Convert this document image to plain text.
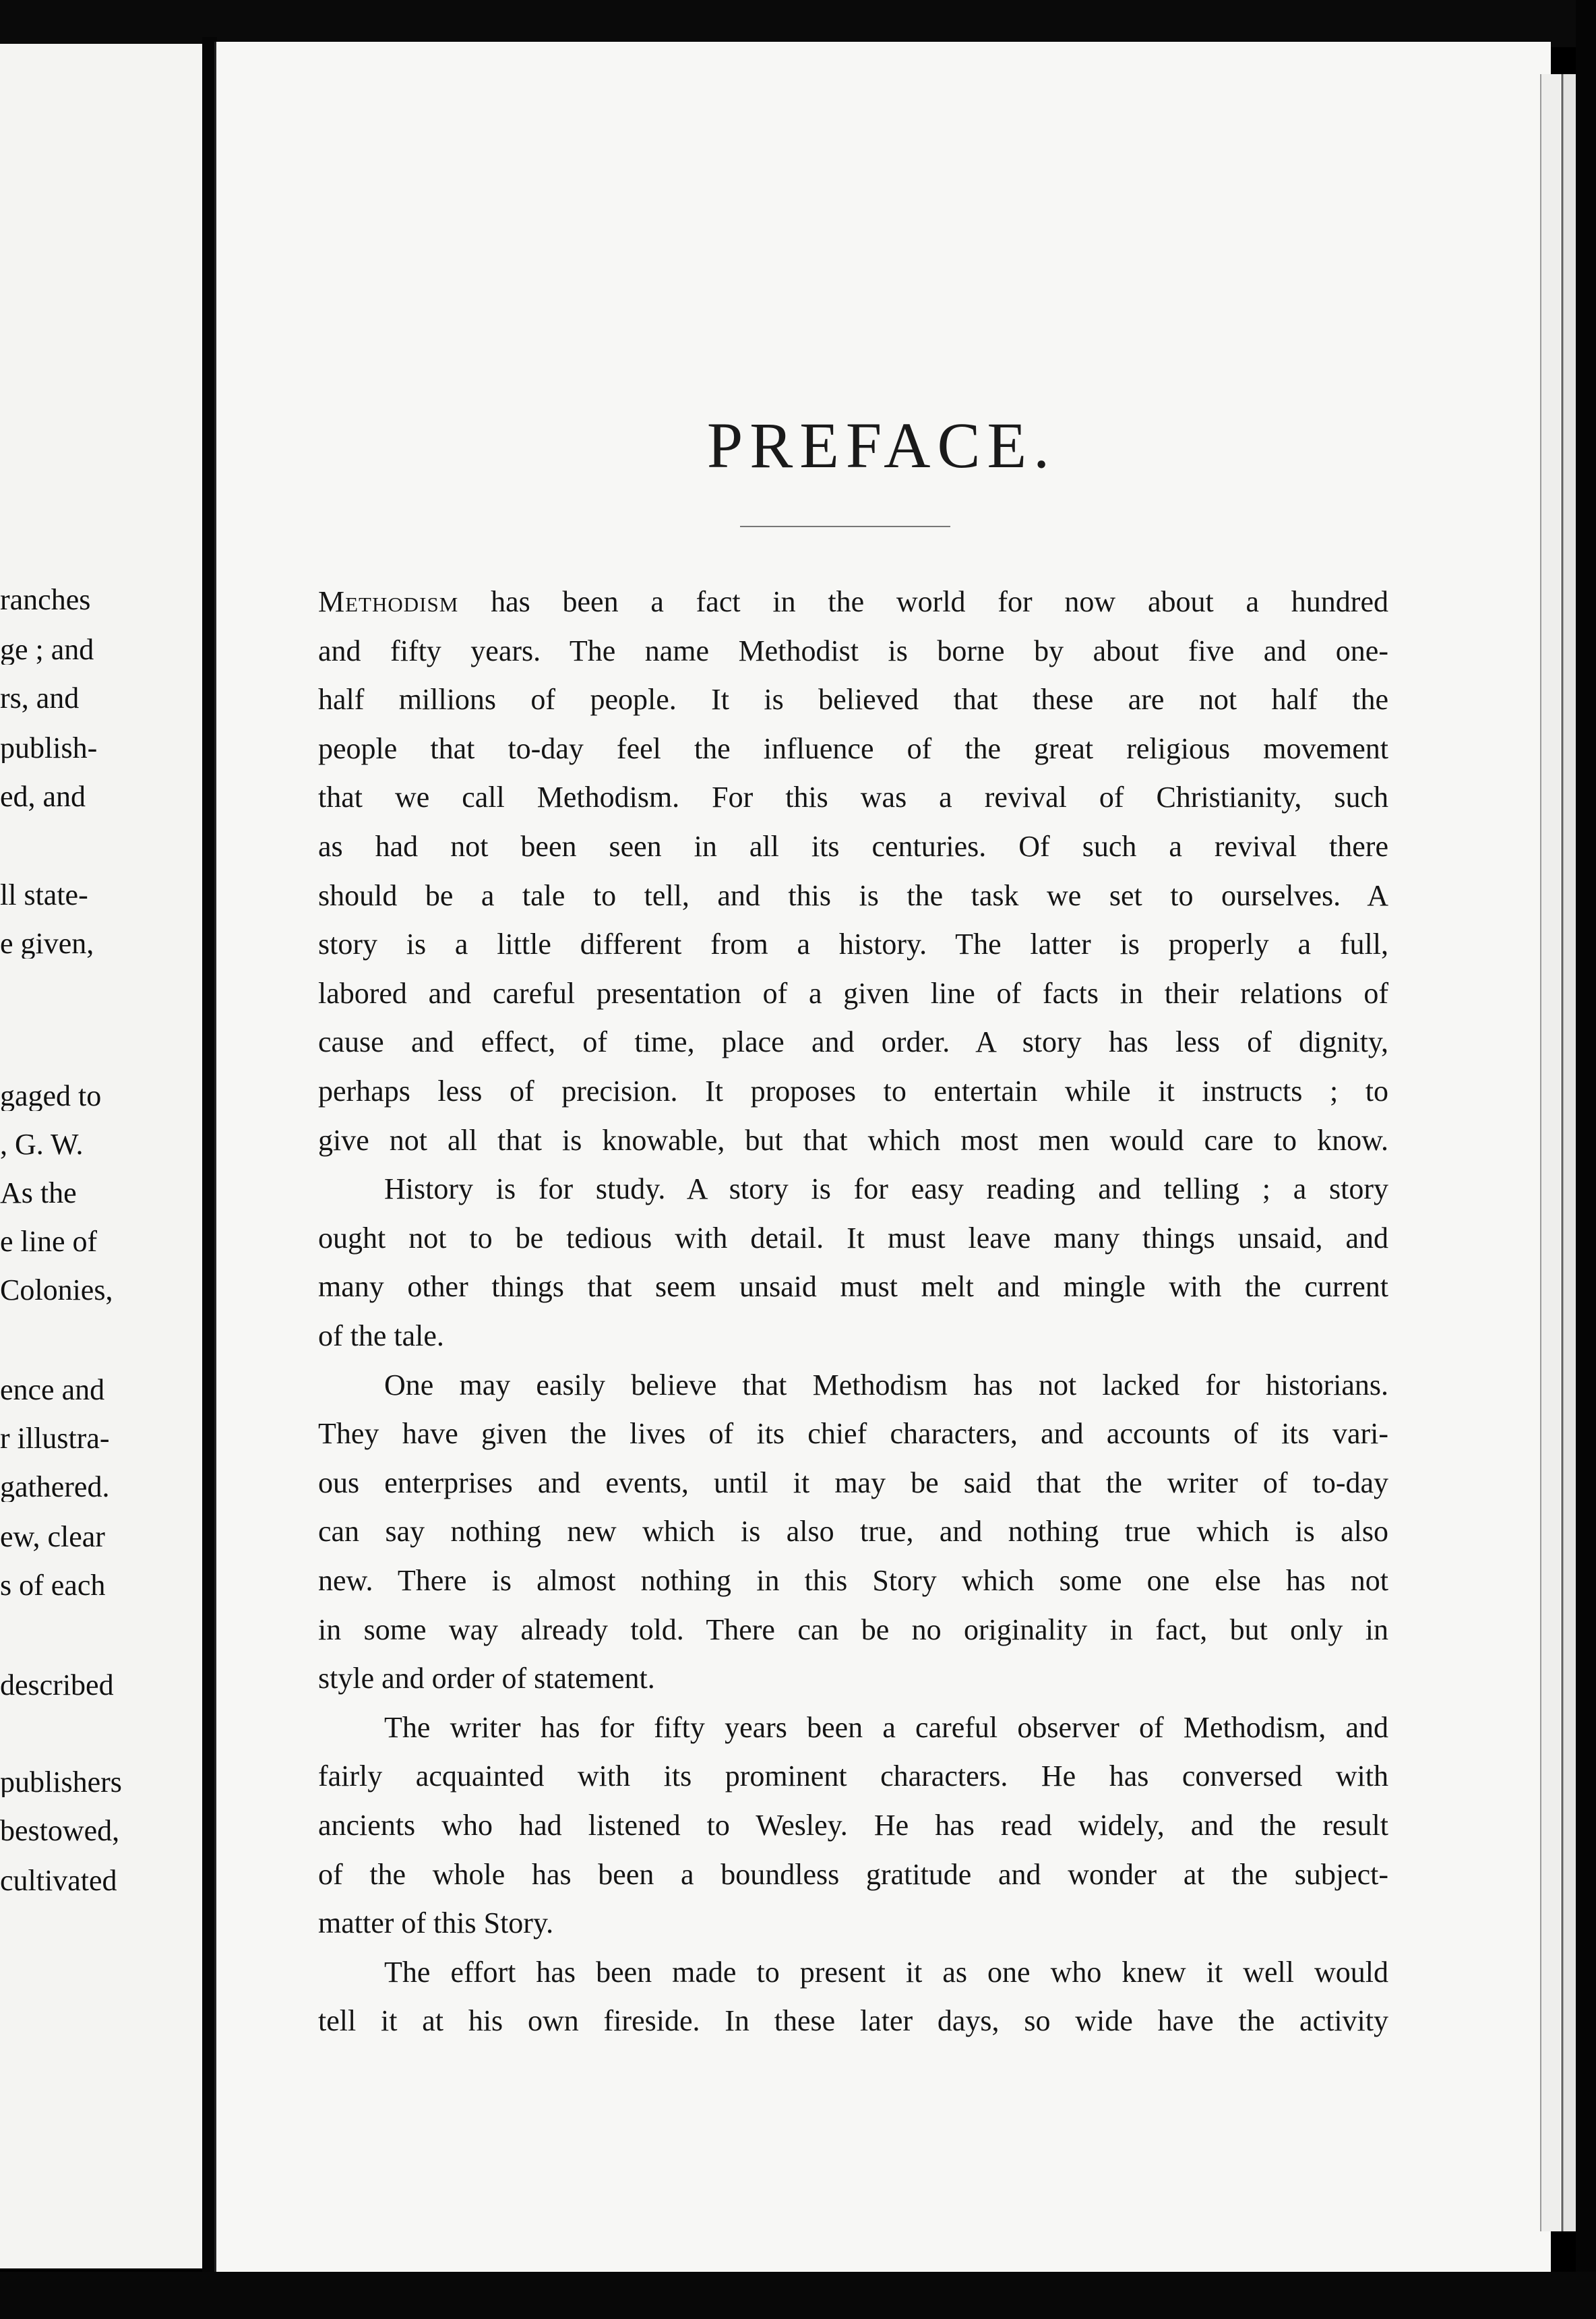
ranches
ge ; and
rs, and
publish-
ed, and
ll state-
e given,
gaged to
, G. W.
As the
e line of
Colonies,
ence and
r illustra-
gathered.
ew, clear
s of each
described
publishers
bestowed,
cultivated
PREFACE.
Methodism has been a fact in the world for now about a hundred
and fifty years. The name Methodist is borne by about five and one-
half millions of people. It is believed that these are not half the
people that to-day feel the influence of the great religious movement
that we call Methodism. For this was a revival of Christianity, such
as had not been seen in all its centuries. Of such a revival there
should be a tale to tell, and this is the task we set to ourselves. A
story is a little different from a history. The latter is properly a full,
labored and careful presentation of a given line of facts in their relations of
cause and effect, of time, place and order. A story has less of dignity,
perhaps less of precision. It proposes to entertain while it instructs ; to
give not all that is knowable, but that which most men would care to know.
History is for study. A story is for easy reading and telling ; a story
ought not to be tedious with detail. It must leave many things unsaid, and
many other things that seem unsaid must melt and mingle with the current
of the tale.
One may easily believe that Methodism has not lacked for historians.
They have given the lives of its chief characters, and accounts of its vari-
ous enterprises and events, until it may be said that the writer of to-day
can say nothing new which is also true, and nothing true which is also
new. There is almost nothing in this Story which some one else has not
in some way already told. There can be no originality in fact, but only in
style and order of statement.
The writer has for fifty years been a careful observer of Methodism, and
fairly acquainted with its prominent characters. He has conversed with
ancients who had listened to Wesley. He has read widely, and the result
of the whole has been a boundless gratitude and wonder at the subject-
matter of this Story.
The effort has been made to present it as one who knew it well would
tell it at his own fireside. In these later days, so wide have the activity
